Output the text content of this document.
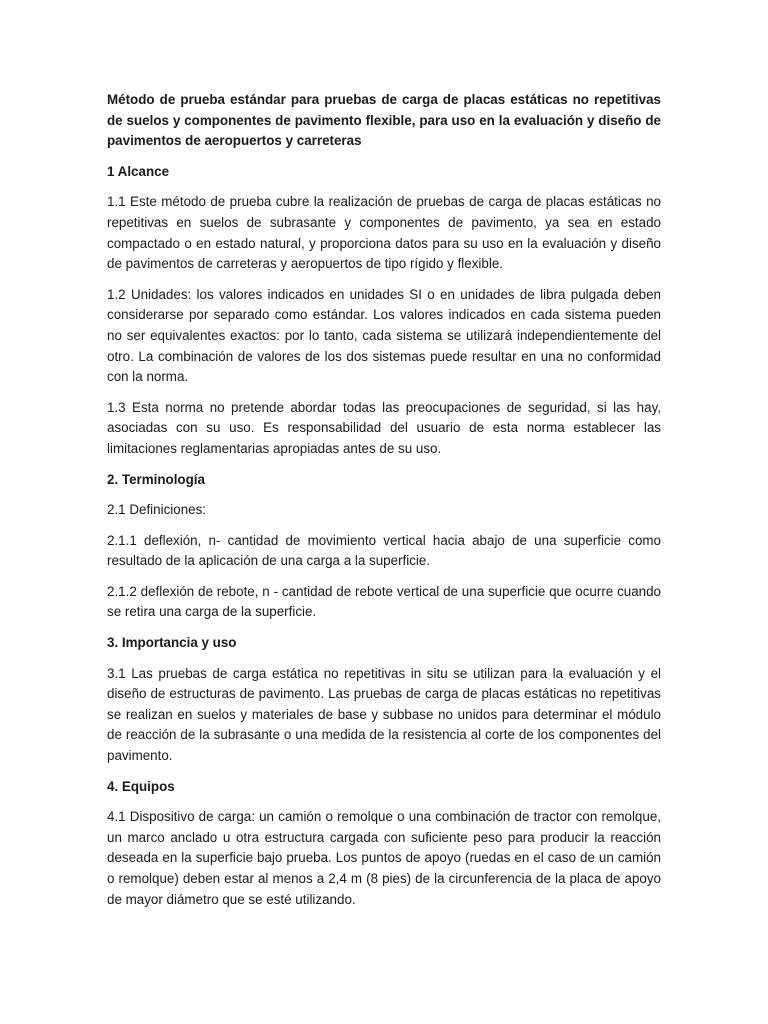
Método de prueba estándar para pruebas de carga de placas estáticas no repetitivas de suelos y componentes de pavimento flexible, para uso en la evaluación y diseño de pavimentos de aeropuertos y carreteras

1 Alcance

1.1 Este método de prueba cubre la realización de pruebas de carga de placas estáticas no repetitivas en suelos de subrasante y componentes de pavimento, ya sea en estado compactado o en estado natural, y proporciona datos para su uso en la evaluación y diseño de pavimentos de carreteras y aeropuertos de tipo rígido y flexible.

1.2 Unidades: los valores indicados en unidades SI o en unidades de libra pulgada deben considerarse por separado como estándar. Los valores indicados en cada sistema pueden no ser equivalentes exactos: por lo tanto, cada sistema se utilizará independientemente del otro. La combinación de valores de los dos sistemas puede resultar en una no conformidad con la norma.

1.3 Esta norma no pretende abordar todas las preocupaciones de seguridad, si las hay, asociadas con su uso. Es responsabilidad del usuario de esta norma establecer las limitaciones reglamentarias apropiadas antes de su uso.

2. Terminología

2.1 Definiciones:

2.1.1 deflexión, n- cantidad de movimiento vertical hacia abajo de una superficie como resultado de la aplicación de una carga a la superficie.

2.1.2 deflexión de rebote, n - cantidad de rebote vertical de una superficie que ocurre cuando se retira una carga de la superficie.

3. Importancia y uso

3.1 Las pruebas de carga estática no repetitivas in situ se utilizan para la evaluación y el diseño de estructuras de pavimento. Las pruebas de carga de placas estáticas no repetitivas se realizan en suelos y materiales de base y subbase no unidos para determinar el módulo de reacción de la subrasante o una medida de la resistencia al corte de los componentes del pavimento.

4. Equipos

4.1 Dispositivo de carga: un camión o remolque o una combinación de tractor con remolque, un marco anclado u otra estructura cargada con suficiente peso para producir la reacción deseada en la superficie bajo prueba. Los puntos de apoyo (ruedas en el caso de un camión o remolque) deben estar al menos a 2,4 m (8 pies) de la circunferencia de la placa de apoyo de mayor diámetro que se esté utilizando.
